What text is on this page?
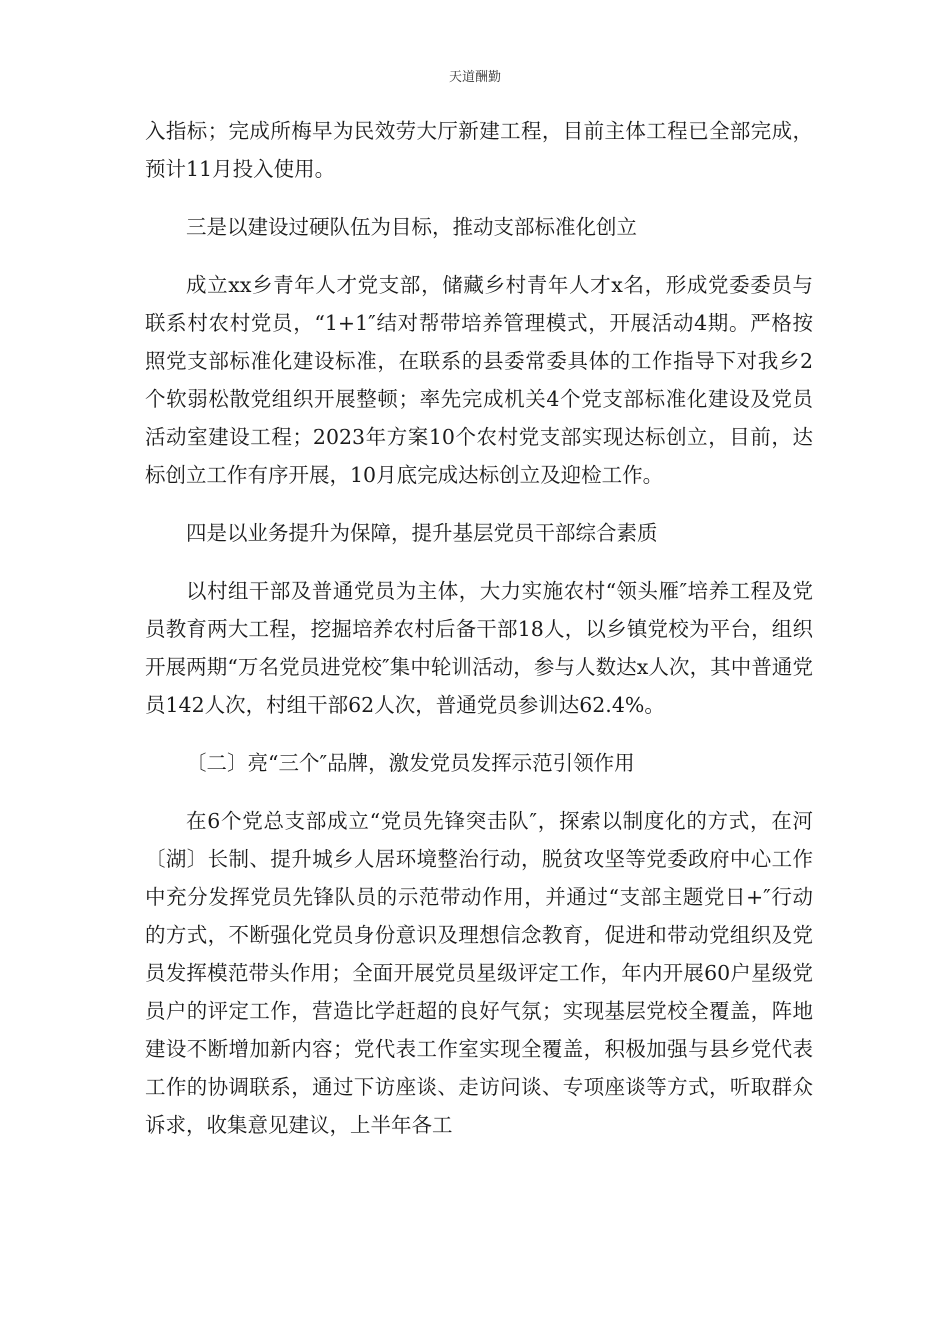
天道酬勤

入指标；完成所梅早为民效劳大厅新建工程，目前主体工程已全部完成，预计11月投入使用。

三是以建设过硬队伍为目标，推动支部标准化创立

成立xx乡青年人才党支部，储藏乡村青年人才x名，形成党委委员与联系村农村党员，“1+1″结对帮带培养管理模式，开展活动4期。严格按照党支部标准化建设标准，在联系的县委常委具体的工作指导下对我乡2个软弱松散党组织开展整顿；率先完成机关4个党支部标准化建设及党员活动室建设工程；2023年方案10个农村党支部实现达标创立，目前，达标创立工作有序开展，10月底完成达标创立及迎检工作。

四是以业务提升为保障，提升基层党员干部综合素质

以村组干部及普通党员为主体，大力实施农村“领头雁″培养工程及党员教育两大工程，挖掘培养农村后备干部18人，以乡镇党校为平台，组织开展两期“万名党员进党校″集中轮训活动，参与人数达x人次，其中普通党员142人次，村组干部62人次，普通党员参训达62.4%。

〔二〕亮“三个″品牌，激发党员发挥示范引领作用

在6个党总支部成立“党员先锋突击队″，探索以制度化的方式，在河〔湖〕长制、提升城乡人居环境整治行动，脱贫攻坚等党委政府中心工作中充分发挥党员先锋队员的示范带动作用，并通过“支部主题党日+″行动的方式，不断强化党员身份意识及理想信念教育，促进和带动党组织及党员发挥模范带头作用；全面开展党员星级评定工作，年内开展60户星级党员户的评定工作，营造比学赶超的良好气氛；实现基层党校全覆盖，阵地建设不断增加新内容；党代表工作室实现全覆盖，积极加强与县乡党代表工作的协调联系，通过下访座谈、走访问谈、专项座谈等方式，听取群众诉求，收集意见建议，上半年各工
